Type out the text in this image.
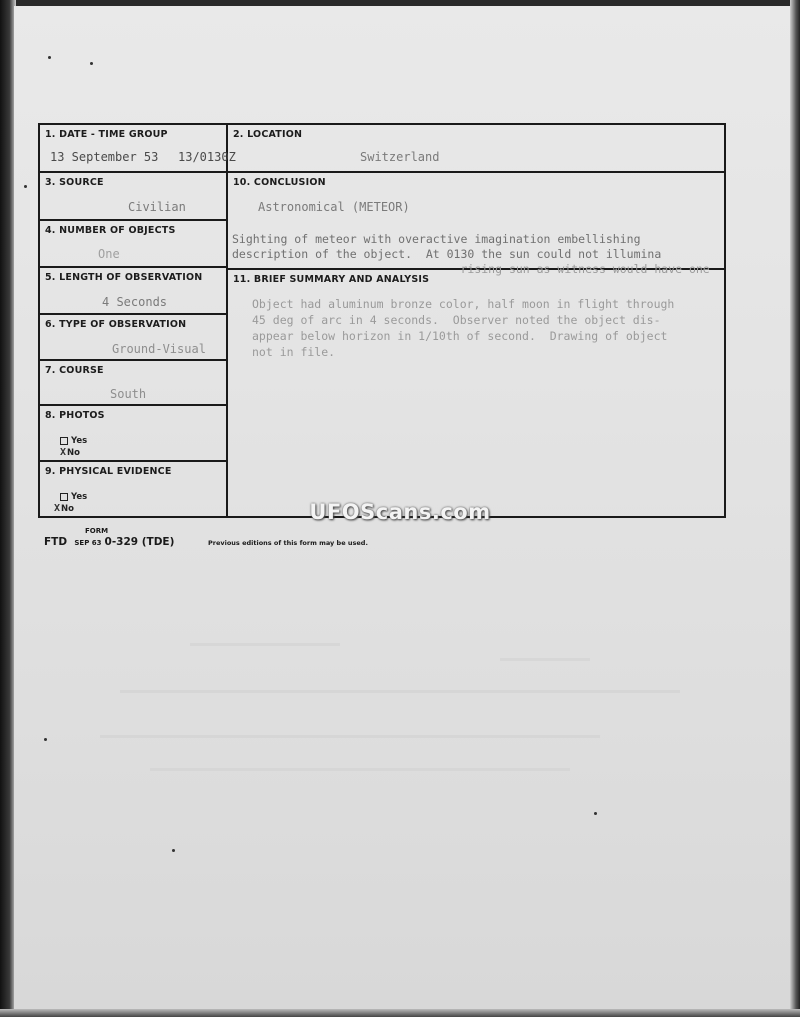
1. DATE - TIME GROUP
13 September 53 13/0130Z
2. LOCATION
Switzerland
3. SOURCE
Civilian
4. NUMBER OF OBJECTS
One
5. LENGTH OF OBSERVATION
4 Seconds
6. TYPE OF OBSERVATION
Ground-Visual
7. COURSE
South
8. PHOTOS
Yes
X No
9. PHYSICAL EVIDENCE
Yes
X No
10. CONCLUSION
Astronomical (METEOR)
Sighting of meteor with overactive imagination embellishing
description of the object.  At 0130 the sun could not illumina
rising sun as witness would have one
11. BRIEF SUMMARY AND ANALYSIS
Object had aluminum bronze color, half moon in flight through
45 deg of arc in 4 seconds.  Observer noted the object dis-
appear below horizon in 1/10th of second.  Drawing of object
not in file.
FORM
FTD SEP 63 0-329 (TDE)	Previous editions of this form may be used.
UFOScans.com
